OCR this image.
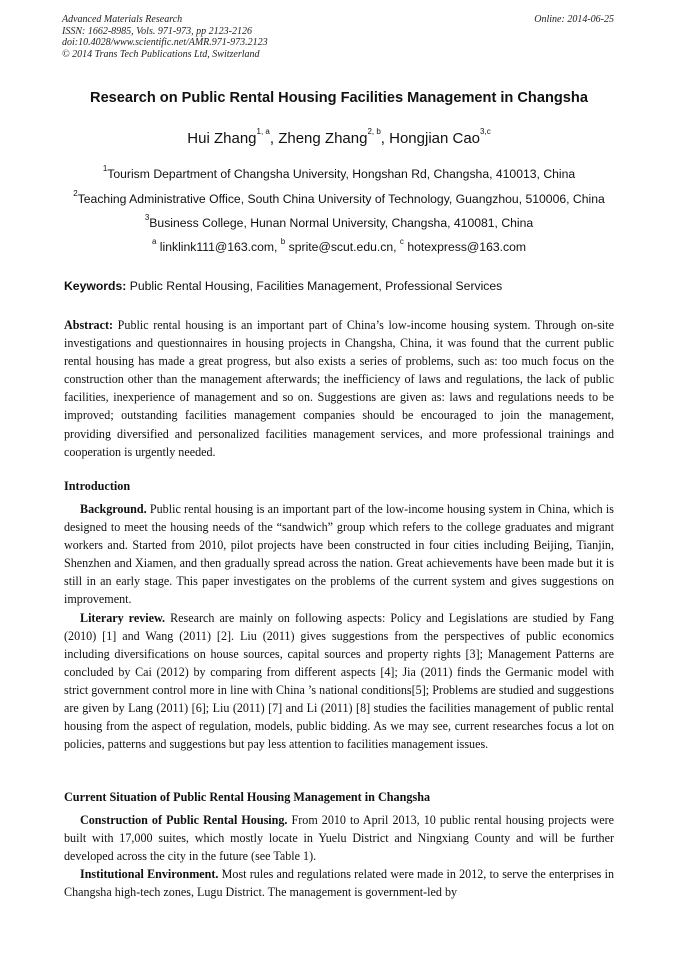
Advanced Materials Research
ISSN: 1662-8985, Vols. 971-973, pp 2123-2126
doi:10.4028/www.scientific.net/AMR.971-973.2123
© 2014 Trans Tech Publications Ltd, Switzerland
Online: 2014-06-25
Research on Public Rental Housing Facilities Management in Changsha
Hui Zhang$^{1, a}$, Zheng Zhang$^{2, b}$, Hongjian Cao$^{3,c}$
$^1$Tourism Department of Changsha University, Hongshan Rd, Changsha, 410013, China
$^2$Teaching Administrative Office, South China University of Technology, Guangzhou, 510006, China
$^3$Business College, Hunan Normal University, Changsha, 410081, China
$^a$ linklink111@163.com, $^b$ sprite@scut.edu.cn, $^c$ hotexpress@163.com
Keywords: Public Rental Housing, Facilities Management, Professional Services

Abstract: Public rental housing is an important part of China’s low-income housing system. Through on-site investigations and questionnaires in housing projects in Changsha, China, it was found that the current public rental housing has made a great progress, but also exists a series of problems, such as: too much focus on the construction other than the management afterwards; the inefficiency of laws and regulations, the lack of public facilities, inexperience of management and so on. Suggestions are given as: laws and regulations needs to be improved; outstanding facilities management companies should be encouraged to join the management, providing diversified and personalized facilities management services, and more professional trainings and cooperation is urgently needed.

Introduction

Background. Public rental housing is an important part of the low-income housing system in China, which is designed to meet the housing needs of the “sandwich” group which refers to the college graduates and migrant workers and. Started from 2010, pilot projects have been constructed in four cities including Beijing, Tianjin, Shenzhen and Xiamen, and then gradually spread across the nation. Great achievements have been made but it is still in an early stage. This paper investigates on the problems of the current system and gives suggestions on improvement.

Literary review. Research are mainly on following aspects: Policy and Legislations are studied by Fang (2010) [1] and Wang (2011) [2]. Liu (2011) gives suggestions from the perspectives of public economics including diversifications on house sources, capital sources and property rights [3]; Management Patterns are concluded by Cai (2012) by comparing from different aspects [4]; Jia (2011) finds the Germanic model with strict government control more in line with China ’s national conditions[5]; Problems are studied and suggestions are given by Lang (2011) [6]; Liu (2011) [7] and Li (2011) [8] studies the facilities management of public rental housing from the aspect of regulation, models, public bidding. As we may see, current researches focus a lot on policies, patterns and suggestions but pay less attention to facilities management issues.

Current Situation of Public Rental Housing Management in Changsha

Construction of Public Rental Housing. From 2010 to April 2013, 10 public rental housing projects were built with 17,000 suites, which mostly locate in Yuelu District and Ningxiang County and will be further developed across the city in the future (see Table 1).

Institutional Environment. Most rules and regulations related were made in 2012, to serve the enterprises in Changsha high-tech zones, Lugu District. The management is government-led by
